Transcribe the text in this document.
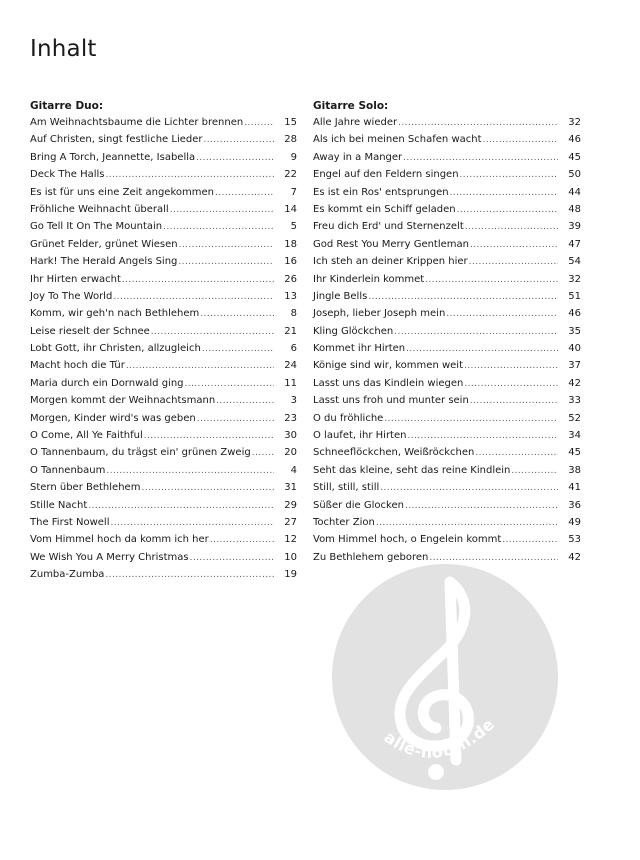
Inhalt
Gitarre Duo:
Am Weihnachtsbaume die Lichter brennen .....	15
Auf Christen, singt festliche Lieder .....	28
Bring A Torch, Jeannette, Isabella .....	9
Deck The Halls .....	22
Es ist für uns eine Zeit angekommen .....	7
Fröhliche Weihnacht überall .....	14
Go Tell It On The Mountain .....	5
Grünet Felder, grünet Wiesen .....	18
Hark! The Herald Angels Sing .....	16
Ihr Hirten erwacht .....	26
Joy To The World .....	13
Komm, wir geh'n nach Bethlehem .....	8
Leise rieselt der Schnee .....	21
Lobt Gott, ihr Christen, allzugleich .....	6
Macht hoch die Tür .....	24
Maria durch ein Dornwald ging .....	11
Morgen kommt der Weihnachtsmann .....	3
Morgen, Kinder wird's was geben .....	23
O Come, All Ye Faithful .....	30
O Tannenbaum, du trägst ein' grünen Zweig .....	20
O Tannenbaum .....	4
Stern über Bethlehem .....	31
Stille Nacht .....	29
The First Nowell .....	27
Vom Himmel hoch da komm ich her .....	12
We Wish You A Merry Christmas .....	10
Zumba-Zumba .....	19
Gitarre Solo:
Alle Jahre wieder .....	32
Als ich bei meinen Schafen wacht .....	46
Away in a Manger .....	45
Engel auf den Feldern singen .....	50
Es ist ein Ros' entsprungen .....	44
Es kommt ein Schiff geladen .....	48
Freu dich Erd' und Sternenzelt .....	39
God Rest You Merry Gentleman .....	47
Ich steh an deiner Krippen hier .....	54
Ihr Kinderlein kommet .....	32
Jingle Bells .....	51
Joseph, lieber Joseph mein .....	46
Kling Glöckchen .....	35
Kommet ihr Hirten .....	40
Könige sind wir, kommen weit .....	37
Lasst uns das Kindlein wiegen .....	42
Lasst uns froh und munter sein .....	33
O du fröhliche .....	52
O laufet, ihr Hirten .....	34
Schneeflöckchen, Weißröckchen .....	45
Seht das kleine, seht das reine Kindlein .....	38
Still, still, still .....	41
Süßer die Glocken .....	36
Tochter Zion .....	49
Vom Himmel hoch, o Engelein kommt .....	53
Zu Bethlehem geboren .....	42
alle-noten.de
